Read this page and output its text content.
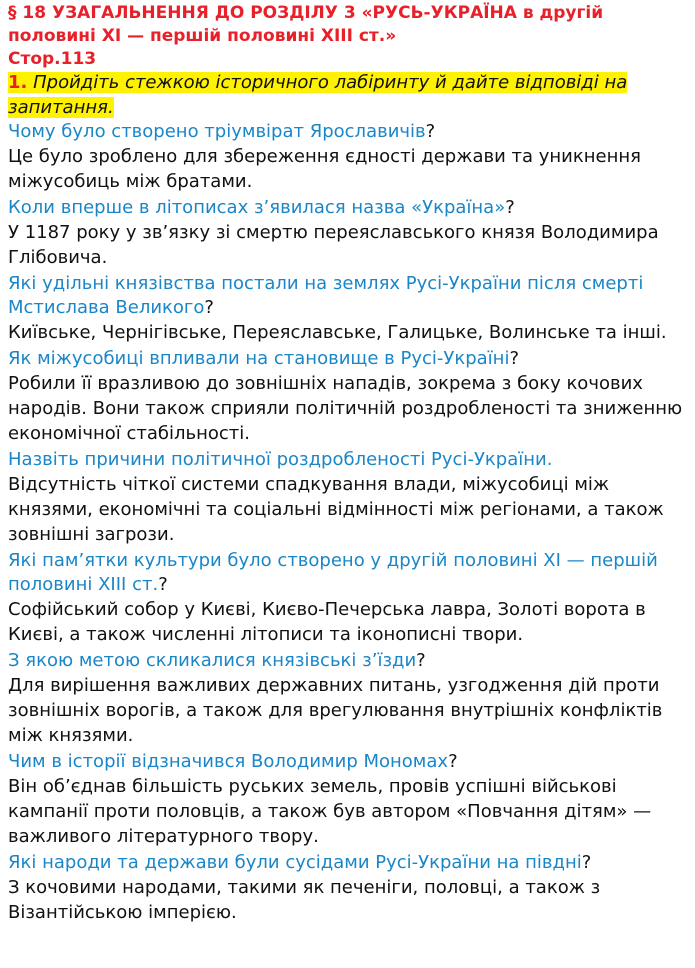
§ 18 УЗАГАЛЬНЕННЯ ДО РОЗДІЛУ 3 «РУСЬ-УКРАЇНА в другій половині XI — першій половині XIII ст.»

Стор.113

1. Пройдіть стежкою історичного лабіринту й дайте відповіді на запитання.

Чому було створено тріумвірат Ярославичів?

Це було зроблено для збереження єдності держави та уникнення міжусобиць між братами.

Коли вперше в літописах з’явилася назва «Україна»?

У 1187 року у зв’язку зі смертю переяславського князя Володимира Глібовича.

Які удільні князівства постали на землях Русі-України після смерті Мстислава Великого?

Київське, Чернігівське, Переяславське, Галицьке, Волинське та інші.

Як міжусобиці впливали на становище в Русі-Україні?

Робили її вразливою до зовнішніх нападів, зокрема з боку кочових народів. Вони також сприяли політичній роздробленості та зниженню економічної стабільності.

Назвіть причини політичної роздробленості Русі-України.

Відсутність чіткої системи спадкування влади, міжусобиці між князями, економічні та соціальні відмінності між регіонами, а також зовнішні загрози.

Які пам’ятки культури було створено у другій половині XI — першій половині XIII ст.?

Софійський собор у Києві, Києво-Печерська лавра, Золоті ворота в Києві, а також численні літописи та іконописні твори.

З якою метою скликалися князівські з’їзди?

Для вирішення важливих державних питань, узгодження дій проти зовнішніх ворогів, а також для врегулювання внутрішніх конфліктів між князями.

Чим в історії відзначився Володимир Мономах?

Він об’єднав більшість руських земель, провів успішні військові кампанії проти половців, а також був автором «Повчання дітям» — важливого літературного твору.

Які народи та держави були сусідами Русі-України на півдні?

З кочовими народами, такими як печеніги, половці, а також з Візантійською імперією.
